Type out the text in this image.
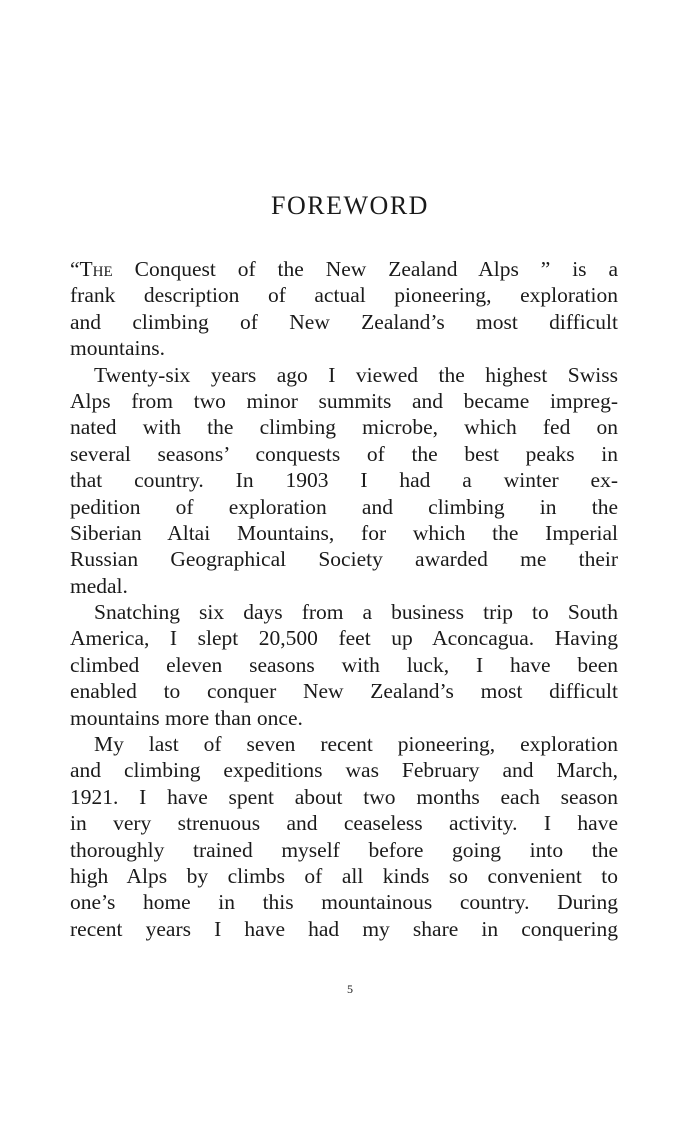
FOREWORD
“The Conquest of the New Zealand Alps ” is a
frank description of actual pioneering, exploration
and climbing of New Zealand’s most difficult
mountains.
Twenty-six years ago I viewed the highest Swiss
Alps from two minor summits and became impreg-
nated with the climbing microbe, which fed on
several seasons’ conquests of the best peaks in
that country. In 1903 I had a winter ex-
pedition of exploration and climbing in the
Siberian Altai Mountains, for which the Imperial
Russian Geographical Society awarded me their
medal.
Snatching six days from a business trip to South
America, I slept 20,500 feet up Aconcagua. Having
climbed eleven seasons with luck, I have been
enabled to conquer New Zealand’s most difficult
mountains more than once.
My last of seven recent pioneering, exploration
and climbing expeditions was February and March,
1921. I have spent about two months each season
in very strenuous and ceaseless activity. I have
thoroughly trained myself before going into the
high Alps by climbs of all kinds so convenient to
one’s home in this mountainous country. During
recent years I have had my share in conquering
5
